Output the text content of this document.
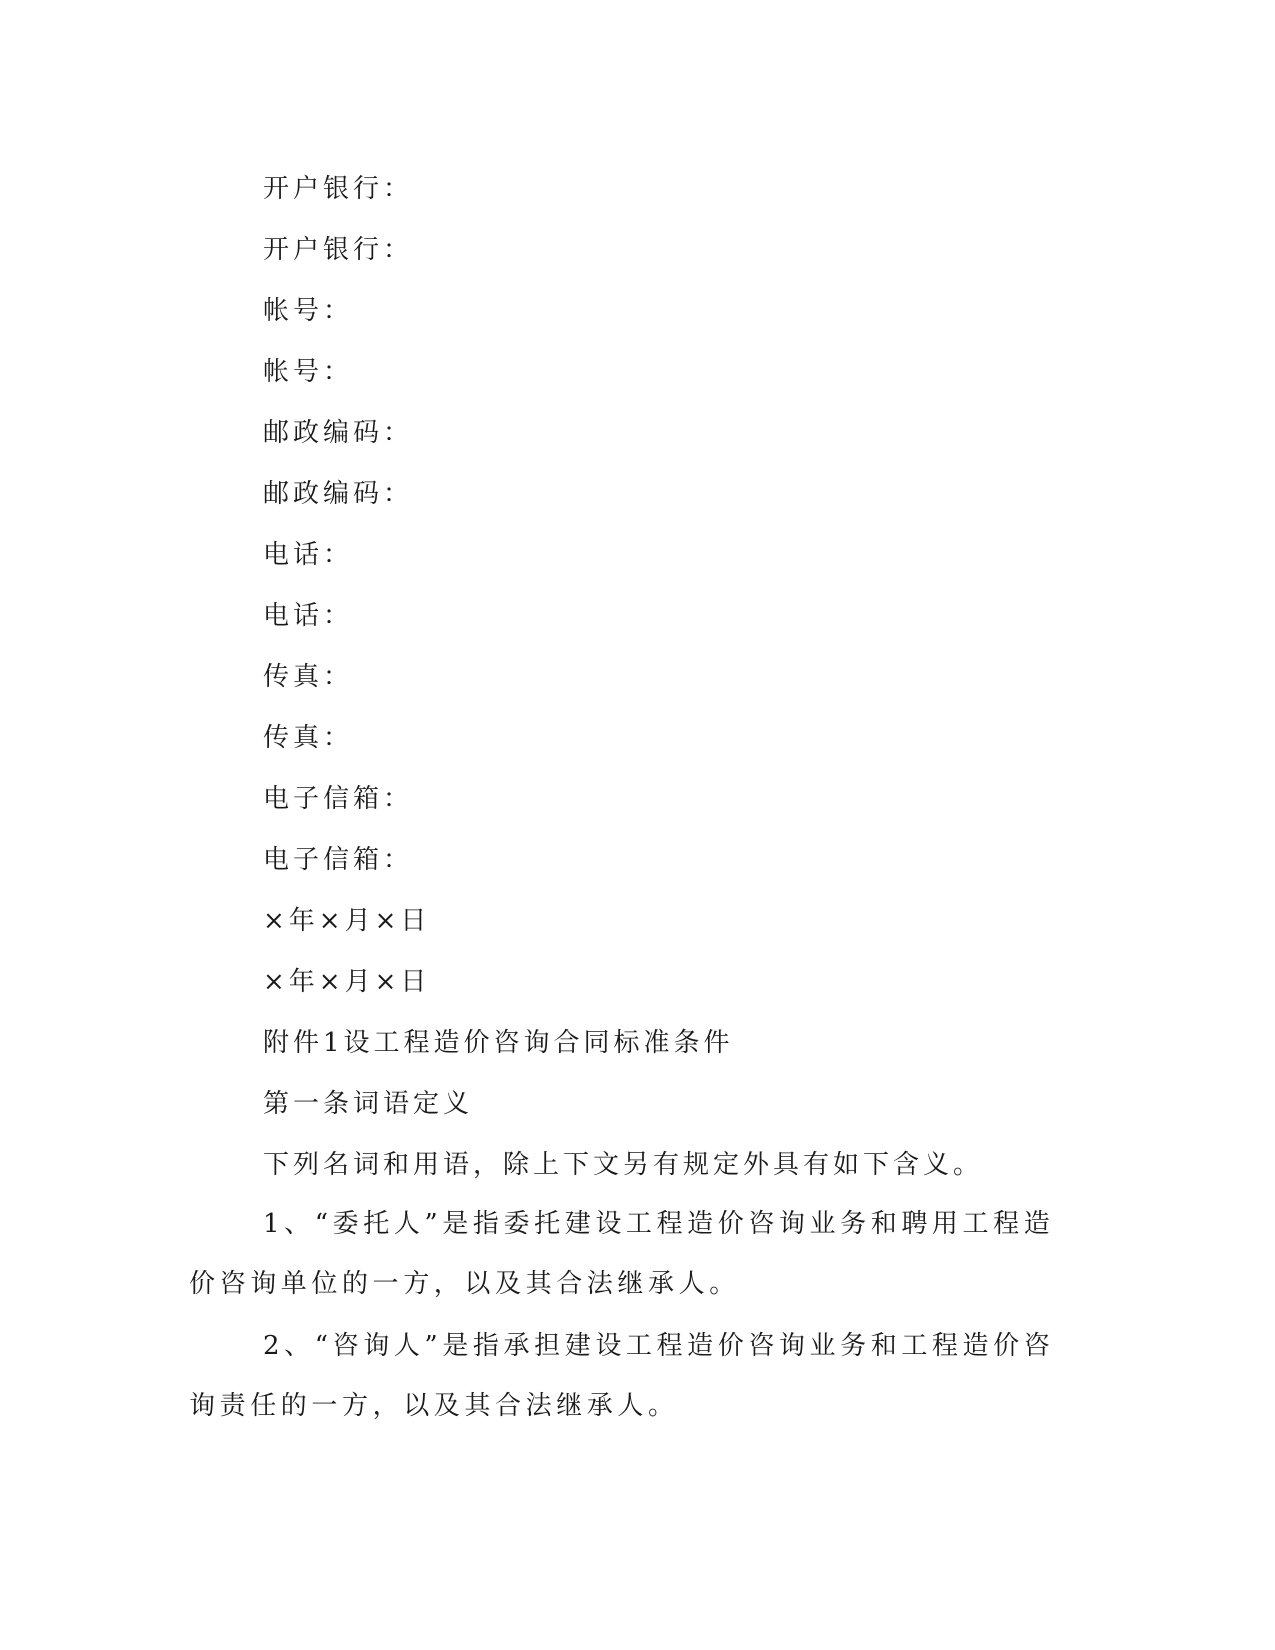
开户银行：
开户银行：
帐号：
帐号：
邮政编码：
邮政编码：
电话：
电话：
传真：
传真：
电子信箱：
电子信箱：
×年×月×日
×年×月×日
附件1设工程造价咨询合同标准条件
第一条词语定义
下列名词和用语，除上下文另有规定外具有如下含义。

1、“委托人”是指委托建设工程造价咨询业务和聘用工程造价咨询单位的一方，以及其合法继承人。

2、“咨询人”是指承担建设工程造价咨询业务和工程造价咨询责任的一方，以及其合法继承人。
